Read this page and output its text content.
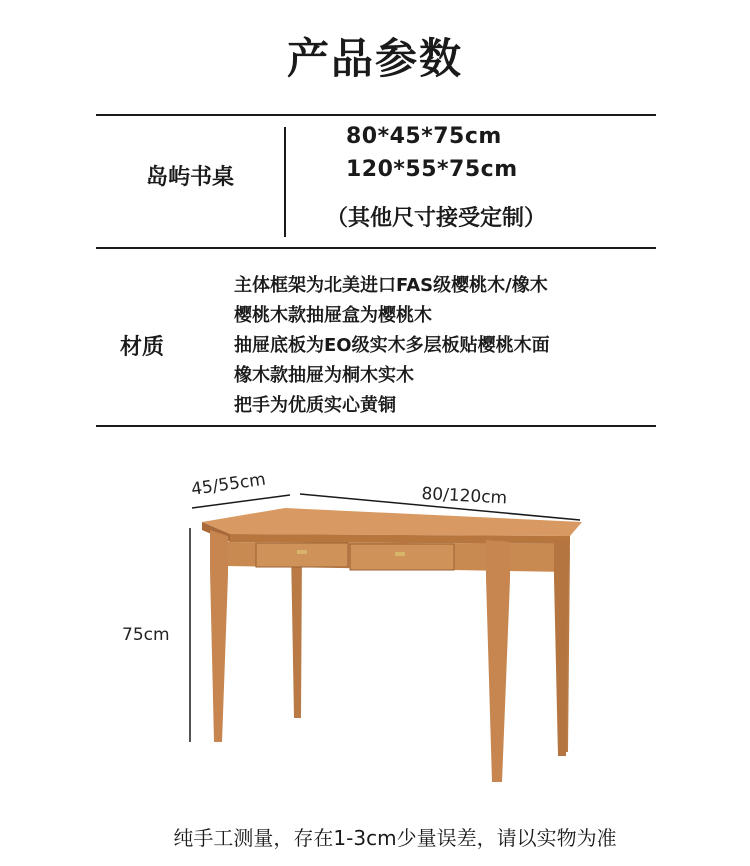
产品参数
岛屿书桌
80*45*75cm
120*55*75cm
（其他尺寸接受定制）
材质
主体框架为北美进口FAS级樱桃木/橡木
樱桃木款抽屉盒为樱桃木
抽屉底板为EO级实木多层板贴樱桃木面
橡木款抽屉为桐木实木
把手为优质实心黄铜
45/55cm	80/120cm
75cm
纯手工测量，存在1-3cm少量误差，请以实物为准
